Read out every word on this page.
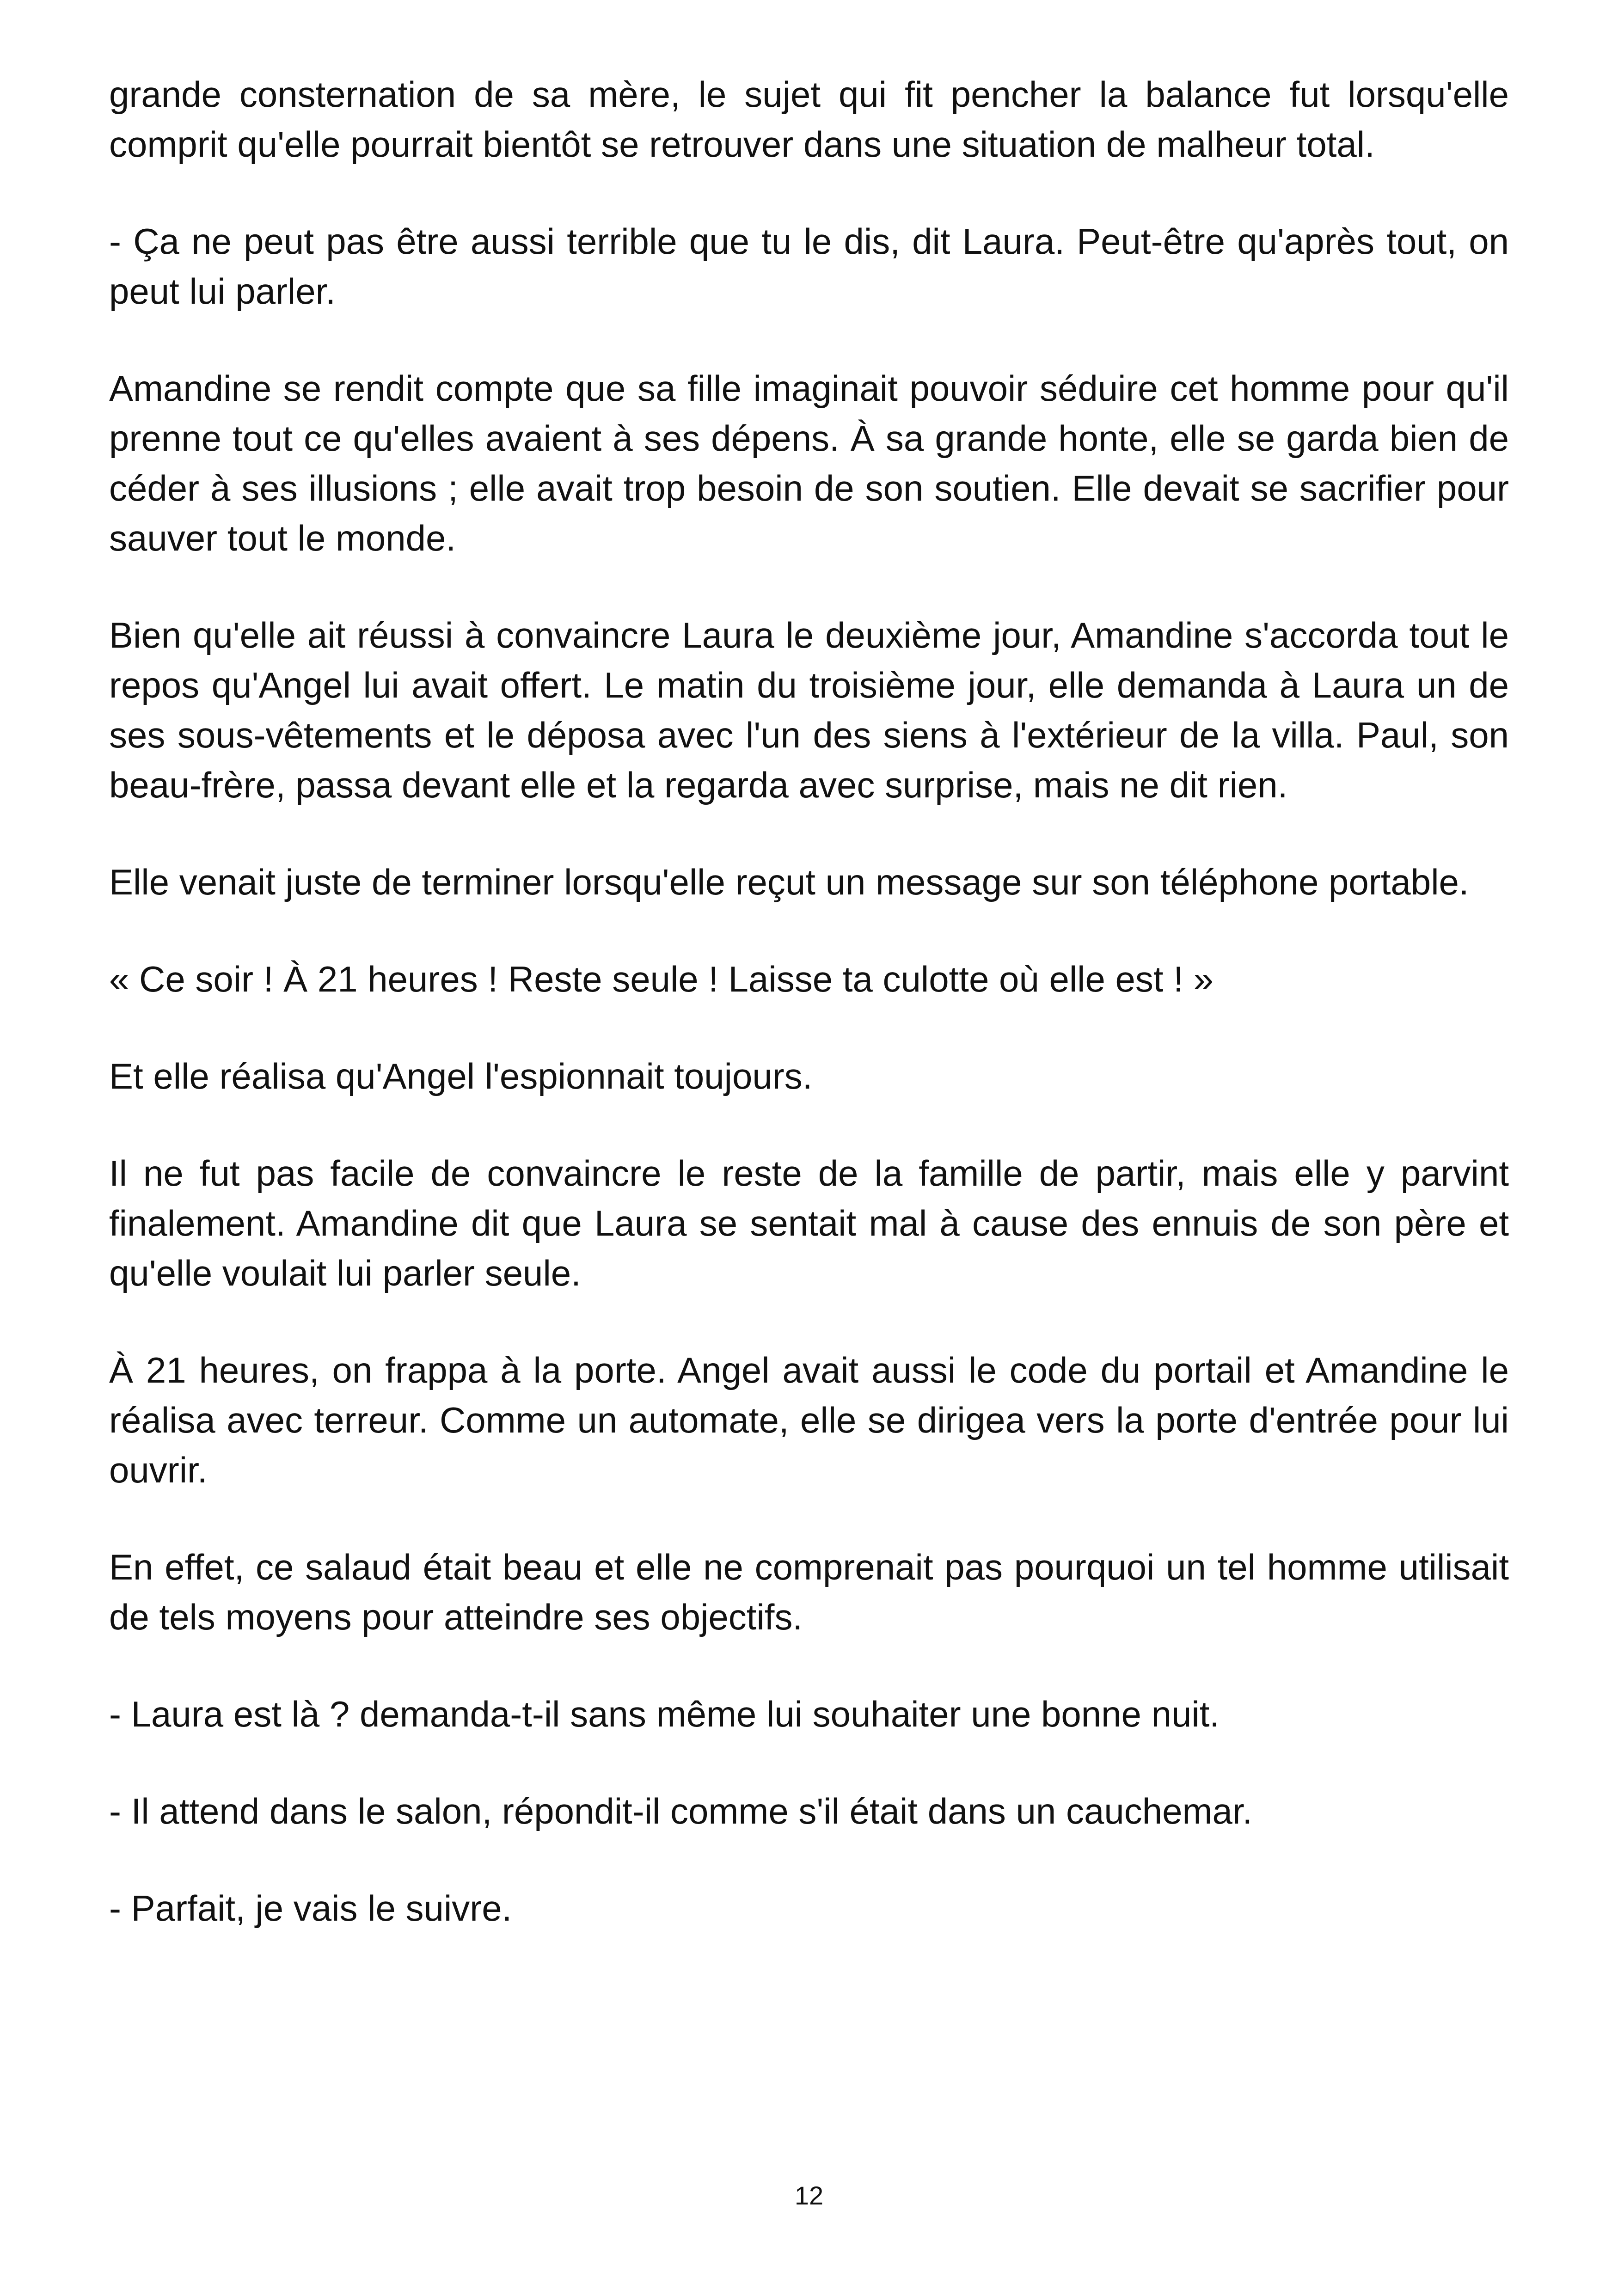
grande consternation de sa mère, le sujet qui fit pencher la balance fut lorsqu'elle comprit qu'elle pourrait bientôt se retrouver dans une situation de malheur total.

- Ça ne peut pas être aussi terrible que tu le dis, dit Laura. Peut-être qu'après tout, on peut lui parler.

Amandine se rendit compte que sa fille imaginait pouvoir séduire cet homme pour qu'il prenne tout ce qu'elles avaient à ses dépens. À sa grande honte, elle se garda bien de céder à ses illusions ; elle avait trop besoin de son soutien. Elle devait se sacrifier pour sauver tout le monde.

Bien qu'elle ait réussi à convaincre Laura le deuxième jour, Amandine s'accorda tout le repos qu'Angel lui avait offert. Le matin du troisième jour, elle demanda à Laura un de ses sous-vêtements et le déposa avec l'un des siens à l'extérieur de la villa. Paul, son beau-frère, passa devant elle et la regarda avec surprise, mais ne dit rien.

Elle venait juste de terminer lorsqu'elle reçut un message sur son téléphone portable.

« Ce soir ! À 21 heures ! Reste seule ! Laisse ta culotte où elle est ! »

Et elle réalisa qu'Angel l'espionnait toujours.

Il ne fut pas facile de convaincre le reste de la famille de partir, mais elle y parvint finalement. Amandine dit que Laura se sentait mal à cause des ennuis de son père et qu'elle voulait lui parler seule.

À 21 heures, on frappa à la porte. Angel avait aussi le code du portail et Amandine le réalisa avec terreur. Comme un automate, elle se dirigea vers la porte d'entrée pour lui ouvrir.

En effet, ce salaud était beau et elle ne comprenait pas pourquoi un tel homme utilisait de tels moyens pour atteindre ses objectifs.

- Laura est là ? demanda-t-il sans même lui souhaiter une bonne nuit.

- Il attend dans le salon, répondit-il comme s'il était dans un cauchemar.

- Parfait, je vais le suivre.

12
